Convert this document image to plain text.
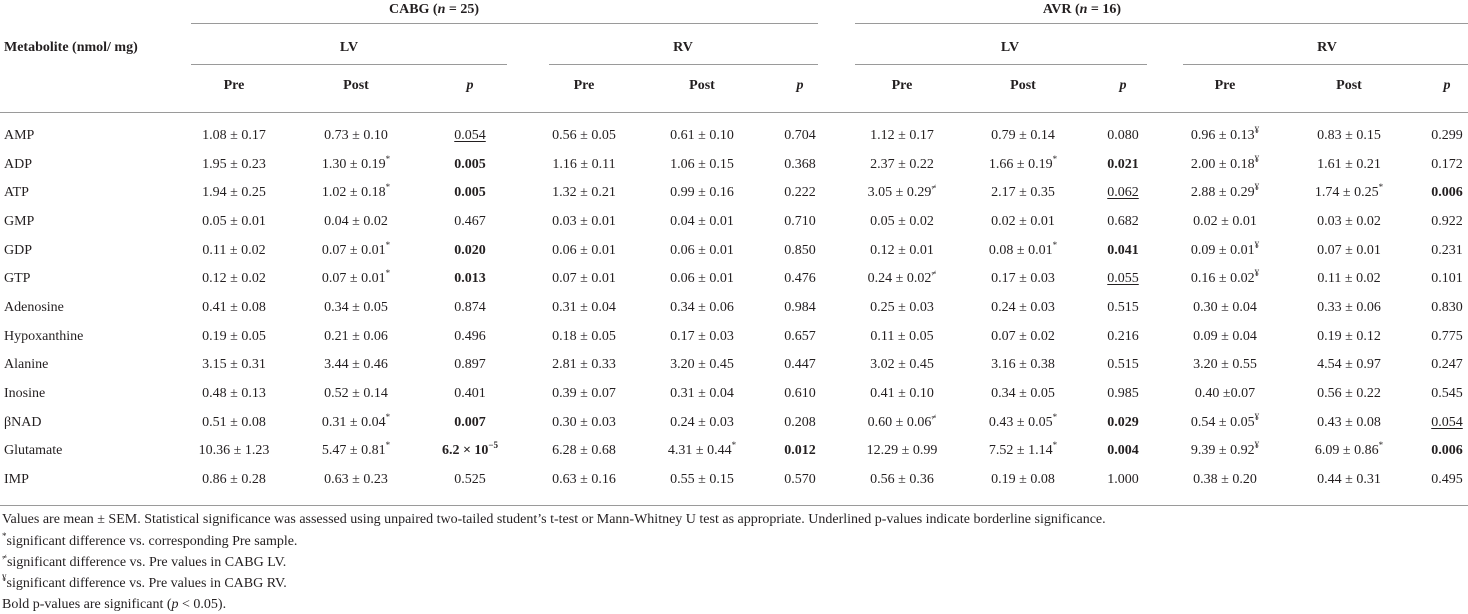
CABG (n = 25)	AVR (n = 16)
Metabolite (nmol/ mg)	LV	RV	LV	RV
Pre	Post	p	Pre	Post	p	Pre	Post	p	Pre	Post	p
AMP	1.08 ± 0.17	0.73 ± 0.10	0.054	0.56 ± 0.05	0.61 ± 0.10	0.704	1.12 ± 0.17	0.79 ± 0.14	0.080	0.96 ± 0.13¥	0.83 ± 0.15	0.299
ADP	1.95 ± 0.23	1.30 ± 0.19*	0.005	1.16 ± 0.11	1.06 ± 0.15	0.368	2.37 ± 0.22	1.66 ± 0.19*	0.021	2.00 ± 0.18¥	1.61 ± 0.21	0.172
ATP	1.94 ± 0.25	1.02 ± 0.18*	0.005	1.32 ± 0.21	0.99 ± 0.16	0.222	3.05 ± 0.29≠	2.17 ± 0.35	0.062	2.88 ± 0.29¥	1.74 ± 0.25*	0.006
GMP	0.05 ± 0.01	0.04 ± 0.02	0.467	0.03 ± 0.01	0.04 ± 0.01	0.710	0.05 ± 0.02	0.02 ± 0.01	0.682	0.02 ± 0.01	0.03 ± 0.02	0.922
GDP	0.11 ± 0.02	0.07 ± 0.01*	0.020	0.06 ± 0.01	0.06 ± 0.01	0.850	0.12 ± 0.01	0.08 ± 0.01*	0.041	0.09 ± 0.01¥	0.07 ± 0.01	0.231
GTP	0.12 ± 0.02	0.07 ± 0.01*	0.013	0.07 ± 0.01	0.06 ± 0.01	0.476	0.24 ± 0.02≠	0.17 ± 0.03	0.055	0.16 ± 0.02¥	0.11 ± 0.02	0.101
Adenosine	0.41 ± 0.08	0.34 ± 0.05	0.874	0.31 ± 0.04	0.34 ± 0.06	0.984	0.25 ± 0.03	0.24 ± 0.03	0.515	0.30 ± 0.04	0.33 ± 0.06	0.830
Hypoxanthine	0.19 ± 0.05	0.21 ± 0.06	0.496	0.18 ± 0.05	0.17 ± 0.03	0.657	0.11 ± 0.05	0.07 ± 0.02	0.216	0.09 ± 0.04	0.19 ± 0.12	0.775
Alanine	3.15 ± 0.31	3.44 ± 0.46	0.897	2.81 ± 0.33	3.20 ± 0.45	0.447	3.02 ± 0.45	3.16 ± 0.38	0.515	3.20 ± 0.55	4.54 ± 0.97	0.247
Inosine	0.48 ± 0.13	0.52 ± 0.14	0.401	0.39 ± 0.07	0.31 ± 0.04	0.610	0.41 ± 0.10	0.34 ± 0.05	0.985	0.40 ±0.07	0.56 ± 0.22	0.545
βNAD	0.51 ± 0.08	0.31 ± 0.04*	0.007	0.30 ± 0.03	0.24 ± 0.03	0.208	0.60 ± 0.06≠	0.43 ± 0.05*	0.029	0.54 ± 0.05¥	0.43 ± 0.08	0.054
Glutamate	10.36 ± 1.23	5.47 ± 0.81*	$6.2 \times 10^{-5}$	6.28 ± 0.68	4.31 ± 0.44*	0.012	12.29 ± 0.99	7.52 ± 1.14*	0.004	9.39 ± 0.92¥	6.09 ± 0.86*	0.006
IMP	0.86 ± 0.28	0.63 ± 0.23	0.525	0.63 ± 0.16	0.55 ± 0.15	0.570	0.56 ± 0.36	0.19 ± 0.08	1.000	0.38 ± 0.20	0.44 ± 0.31	0.495
Values are mean ± SEM. Statistical significance was assessed using unpaired two-tailed student’s t-test or Mann-Whitney U test as appropriate. Underlined p-values indicate borderline significance.
*significant difference vs. corresponding Pre sample.
≠significant difference vs. Pre values in CABG LV.
¥significant difference vs. Pre values in CABG RV.
Bold p-values are significant (p < 0.05).
